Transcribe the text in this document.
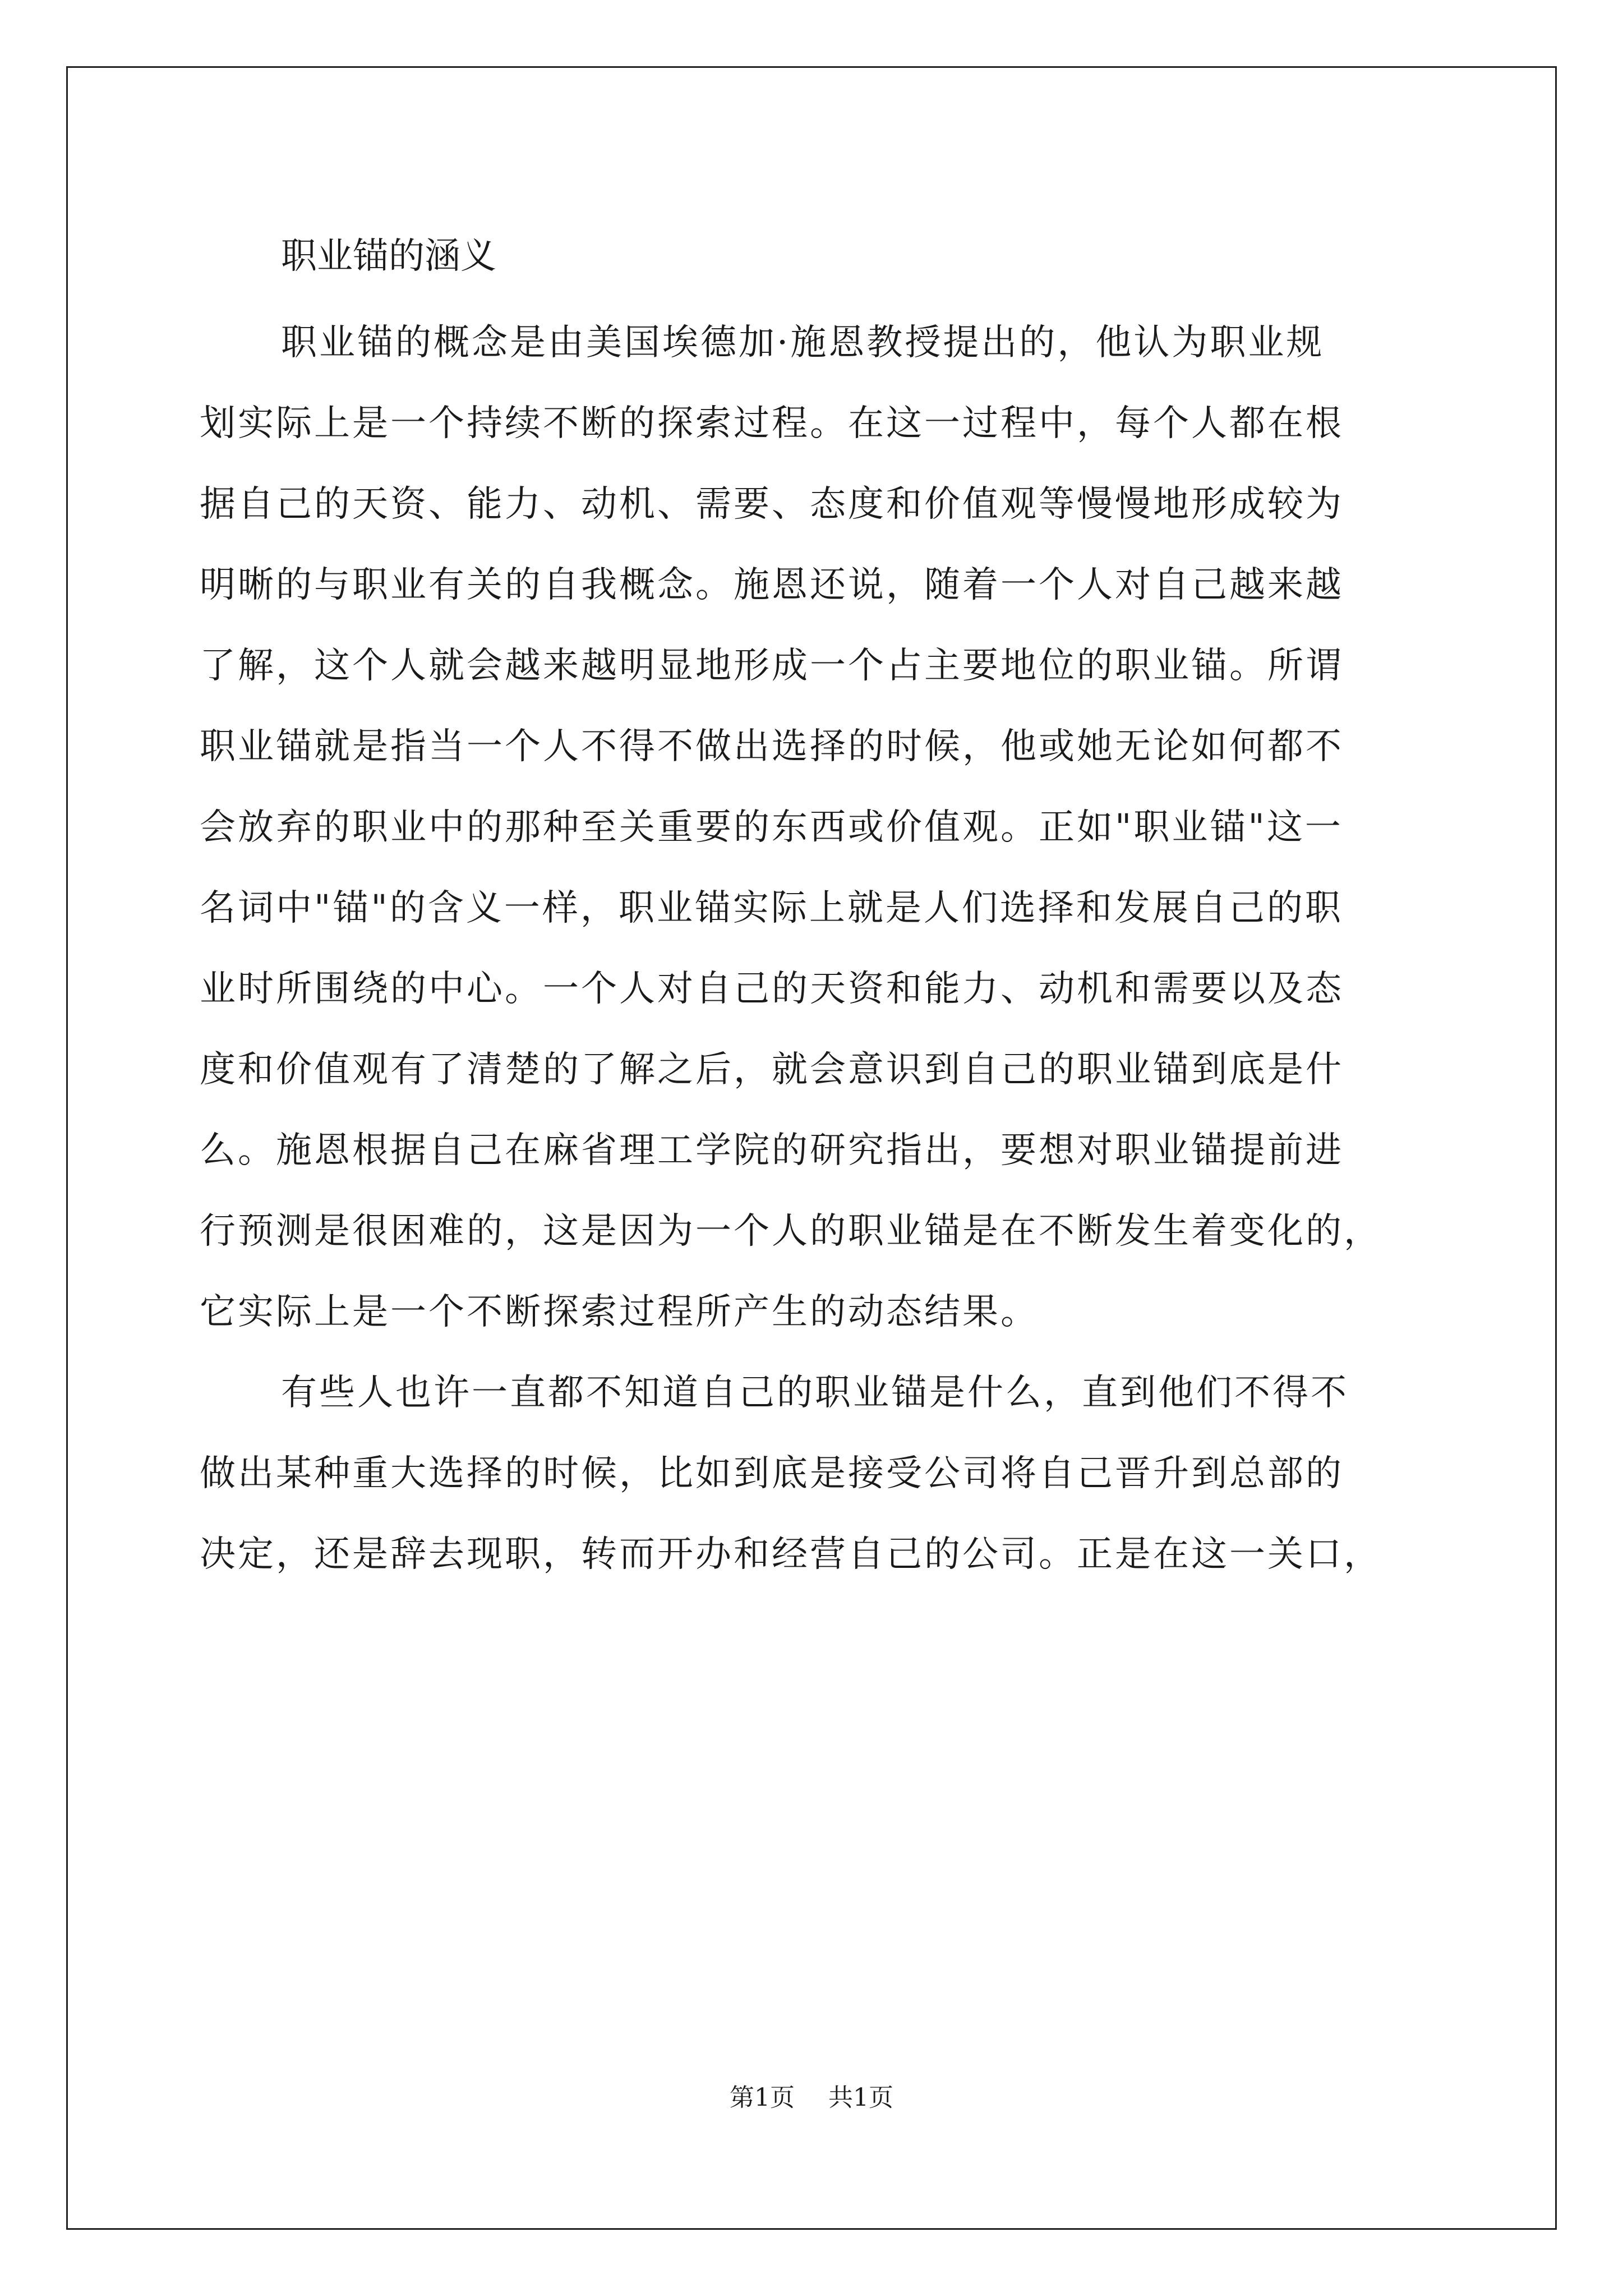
职业锚的涵义
职业锚的概念是由美国埃德加·施恩教授提出的，他认为职业规
划实际上是一个持续不断的探索过程。在这一过程中，每个人都在根
据自己的天资、能力、动机、需要、态度和价值观等慢慢地形成较为
明晰的与职业有关的自我概念。施恩还说，随着一个人对自己越来越
了解，这个人就会越来越明显地形成一个占主要地位的职业锚。所谓
职业锚就是指当一个人不得不做出选择的时候，他或她无论如何都不
会放弃的职业中的那种至关重要的东西或价值观。正如"职业锚"这一
名词中"锚"的含义一样，职业锚实际上就是人们选择和发展自己的职
业时所围绕的中心。一个人对自己的天资和能力、动机和需要以及态
度和价值观有了清楚的了解之后，就会意识到自己的职业锚到底是什
么。施恩根据自己在麻省理工学院的研究指出，要想对职业锚提前进
行预测是很困难的，这是因为一个人的职业锚是在不断发生着变化的，
它实际上是一个不断探索过程所产生的动态结果。
有些人也许一直都不知道自己的职业锚是什么，直到他们不得不
做出某种重大选择的时候，比如到底是接受公司将自己晋升到总部的
决定，还是辞去现职，转而开办和经营自己的公司。正是在这一关口，
第1页 共1页
